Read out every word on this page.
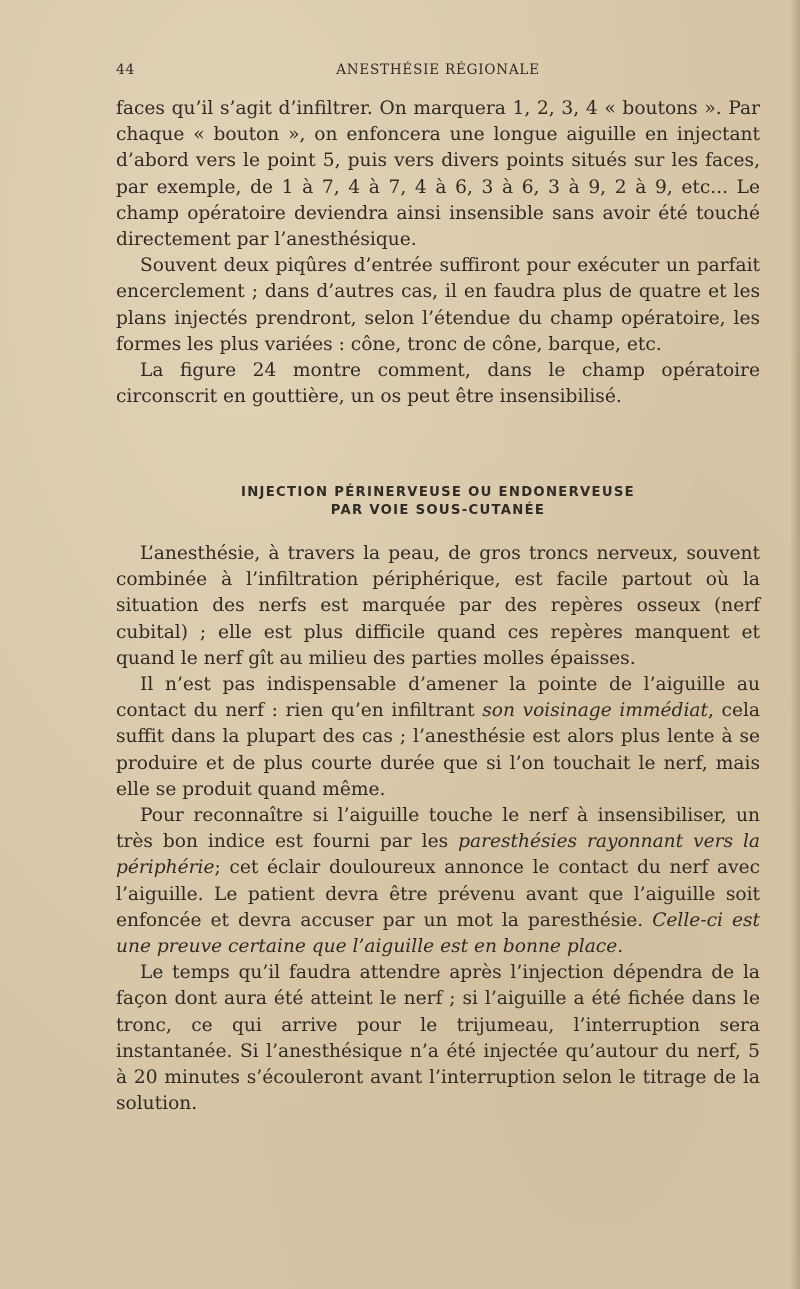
44	ANESTHÉSIE RÉGIONALE

faces qu’il s’agit d’infiltrer. On marquera 1, 2, 3, 4 « boutons ». Par chaque « bouton », on enfoncera une longue aiguille en injectant d’abord vers le point 5, puis vers divers points situés sur les faces, par exemple, de 1 à 7, 4 à 7, 4 à 6, 3 à 6, 3 à 9, 2 à 9, etc... Le champ opératoire deviendra ainsi insensible sans avoir été touché directement par l’anesthésique.

Souvent deux piqûres d’entrée suffiront pour exécuter un parfait encerclement ; dans d’autres cas, il en faudra plus de quatre et les plans injectés prendront, selon l’étendue du champ opératoire, les formes les plus variées : cône, tronc de cône, barque, etc.

La figure 24 montre comment, dans le champ opératoire circonscrit en gouttière, un os peut être insensibilisé.

INJECTION PÉRINERVEUSE OU ENDONERVEUSE
PAR VOIE SOUS-CUTANÉE

L’anesthésie, à travers la peau, de gros troncs nerveux, souvent combinée à l’infiltration périphérique, est facile partout où la situation des nerfs est marquée par des repères osseux (nerf cubital) ; elle est plus difficile quand ces repères manquent et quand le nerf gît au milieu des parties molles épaisses.

Il n’est pas indispensable d’amener la pointe de l’aiguille au contact du nerf : rien qu’en infiltrant son voisinage immédiat, cela suffit dans la plupart des cas ; l’anesthésie est alors plus lente à se produire et de plus courte durée que si l’on touchait le nerf, mais elle se produit quand même.

Pour reconnaître si l’aiguille touche le nerf à insensibiliser, un très bon indice est fourni par les paresthésies rayonnant vers la périphérie; cet éclair douloureux annonce le contact du nerf avec l’aiguille. Le patient devra être prévenu avant que l’aiguille soit enfoncée et devra accuser par un mot la paresthésie. Celle-ci est une preuve certaine que l’aiguille est en bonne place.

Le temps qu’il faudra attendre après l’injection dépendra de la façon dont aura été atteint le nerf ; si l’aiguille a été fichée dans le tronc, ce qui arrive pour le trijumeau, l’interruption sera instantanée. Si l’anesthésique n’a été injectée qu’autour du nerf, 5 à 20 minutes s’écouleront avant l’interruption selon le titrage de la solution.
